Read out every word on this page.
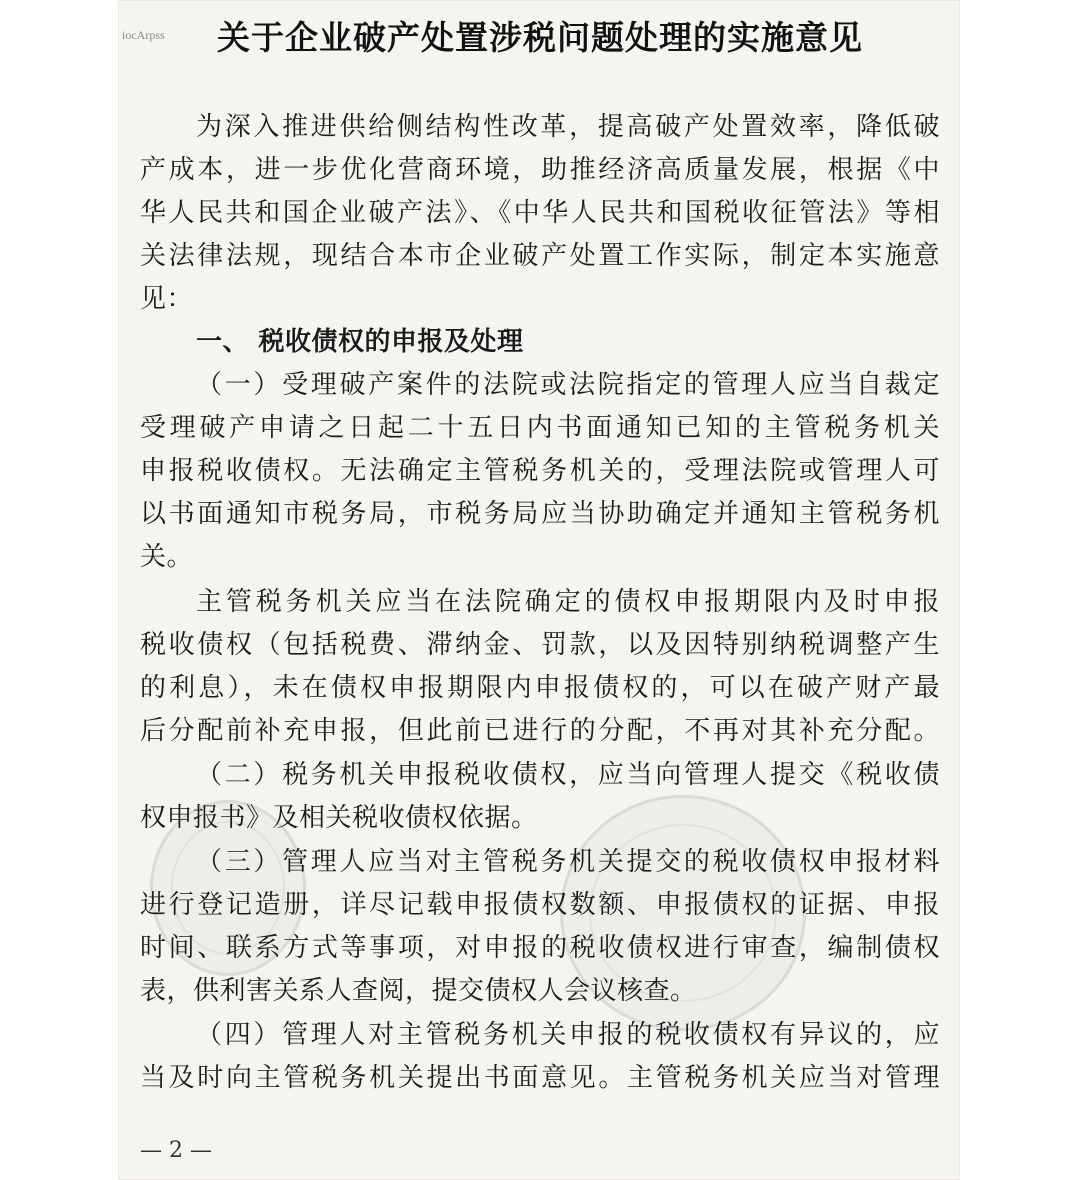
iocArpss	关于企业破产处置涉税问题处理的实施意见
为深入推进供给侧结构性改革，提高破产处置效率，降低破
产成本，进一步优化营商环境，助推经济高质量发展，根据《中
华人民共和国企业破产法》、《中华人民共和国税收征管法》等相
关法律法规，现结合本市企业破产处置工作实际，制定本实施意
见：
一、 税收债权的申报及处理
（一）受理破产案件的法院或法院指定的管理人应当自裁定
受理破产申请之日起二十五日内书面通知已知的主管税务机关
申报税收债权。无法确定主管税务机关的，受理法院或管理人可
以书面通知市税务局，市税务局应当协助确定并通知主管税务机
关。
主管税务机关应当在法院确定的债权申报期限内及时申报
税收债权（包括税费、滞纳金、罚款，以及因特别纳税调整产生
的利息），未在债权申报期限内申报债权的，可以在破产财产最
后分配前补充申报，但此前已进行的分配，不再对其补充分配。
（二）税务机关申报税收债权，应当向管理人提交《税收债
权申报书》及相关税收债权依据。
（三）管理人应当对主管税务机关提交的税收债权申报材料
进行登记造册，详尽记载申报债权数额、申报债权的证据、申报
时间、联系方式等事项，对申报的税收债权进行审查，编制债权
表，供利害关系人查阅，提交债权人会议核查。
（四）管理人对主管税务机关申报的税收债权有异议的，应
当及时向主管税务机关提出书面意见。主管税务机关应当对管理
— 2 —
